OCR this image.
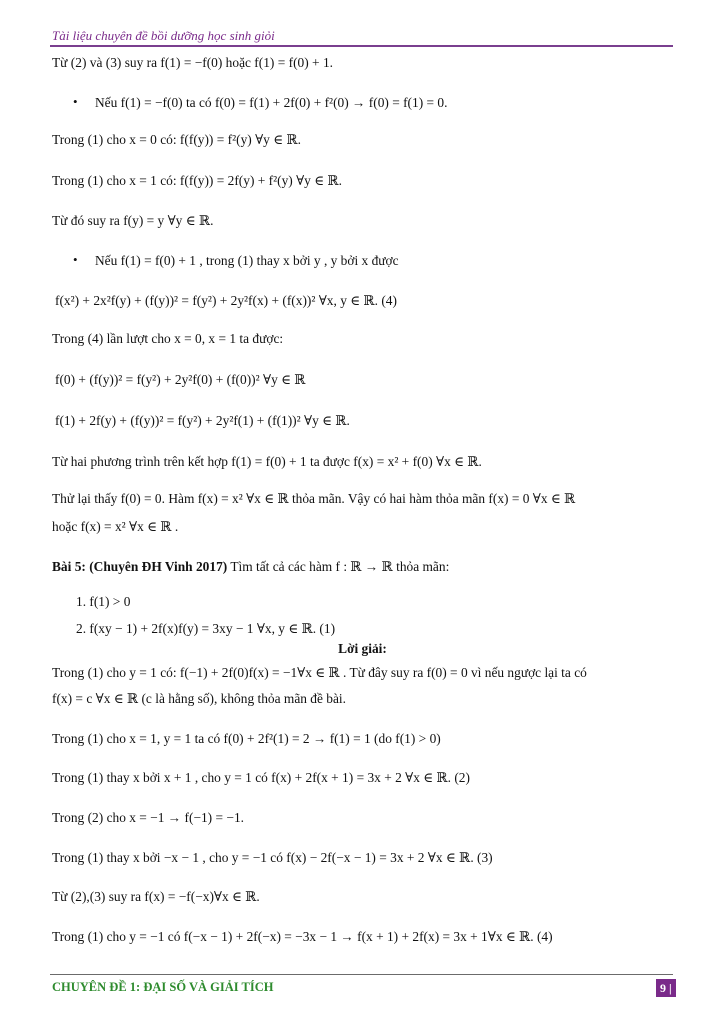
Tài liệu chuyên đề bồi dưỡng học sinh giỏi
Từ (2) và (3) suy ra f(1) = −f(0) hoặc f(1) = f(0) + 1.
• Nếu f(1) = −f(0) ta có f(0) = f(1) + 2f(0) + f²(0) → f(0) = f(1) = 0.
Trong (1) cho x = 0 có: f(f(y)) = f²(y) ∀y ∈ ℝ.
Trong (1) cho x = 1 có: f(f(y)) = 2f(y) + f²(y) ∀y ∈ ℝ.
Từ đó suy ra f(y) = y ∀y ∈ ℝ.
• Nếu f(1) = f(0) + 1 , trong (1) thay x bởi y , y bởi x được
f(x²) + 2x²f(y) + (f(y))² = f(y²) + 2y²f(x) + (f(x))² ∀x, y ∈ ℝ. (4)
Trong (4) lần lượt cho x = 0, x = 1 ta được:
f(0) + (f(y))² = f(y²) + 2y²f(0) + (f(0))² ∀y ∈ ℝ
f(1) + 2f(y) + (f(y))² = f(y²) + 2y²f(1) + (f(1))² ∀y ∈ ℝ.
Từ hai phương trình trên kết hợp f(1) = f(0) + 1 ta được f(x) = x² + f(0) ∀x ∈ ℝ.
Thử lại thấy f(0) = 0. Hàm f(x) = x² ∀x ∈ ℝ thỏa mãn. Vậy có hai hàm thỏa mãn f(x) = 0 ∀x ∈ ℝ
hoặc f(x) = x² ∀x ∈ ℝ .
Bài 5: (Chuyên ĐH Vinh 2017) Tìm tất cả các hàm f : ℝ → ℝ thỏa mãn:
1. f(1) > 0
2. f(xy − 1) + 2f(x)f(y) = 3xy − 1 ∀x, y ∈ ℝ. (1)
Lời giải:
Trong (1) cho y = 1 có: f(−1) + 2f(0)f(x) = −1∀x ∈ ℝ . Từ đây suy ra f(0) = 0 vì nếu ngược lại ta có
f(x) = c ∀x ∈ ℝ (c là hằng số), không thỏa mãn đề bài.
Trong (1) cho x = 1, y = 1 ta có f(0) + 2f²(1) = 2 → f(1) = 1 (do f(1) > 0)
Trong (1) thay x bởi x + 1 , cho y = 1 có f(x) + 2f(x + 1) = 3x + 2 ∀x ∈ ℝ. (2)
Trong (2) cho x = −1 → f(−1) = −1.
Trong (1) thay x bởi −x − 1 , cho y = −1 có f(x) − 2f(−x − 1) = 3x + 2 ∀x ∈ ℝ. (3)
Từ (2),(3) suy ra f(x) = −f(−x)∀x ∈ ℝ.
Trong (1) cho y = −1 có f(−x − 1) + 2f(−x) = −3x − 1 → f(x + 1) + 2f(x) = 3x + 1∀x ∈ ℝ. (4)
CHUYÊN ĐỀ 1: ĐẠI SỐ VÀ GIẢI TÍCH	9 |
